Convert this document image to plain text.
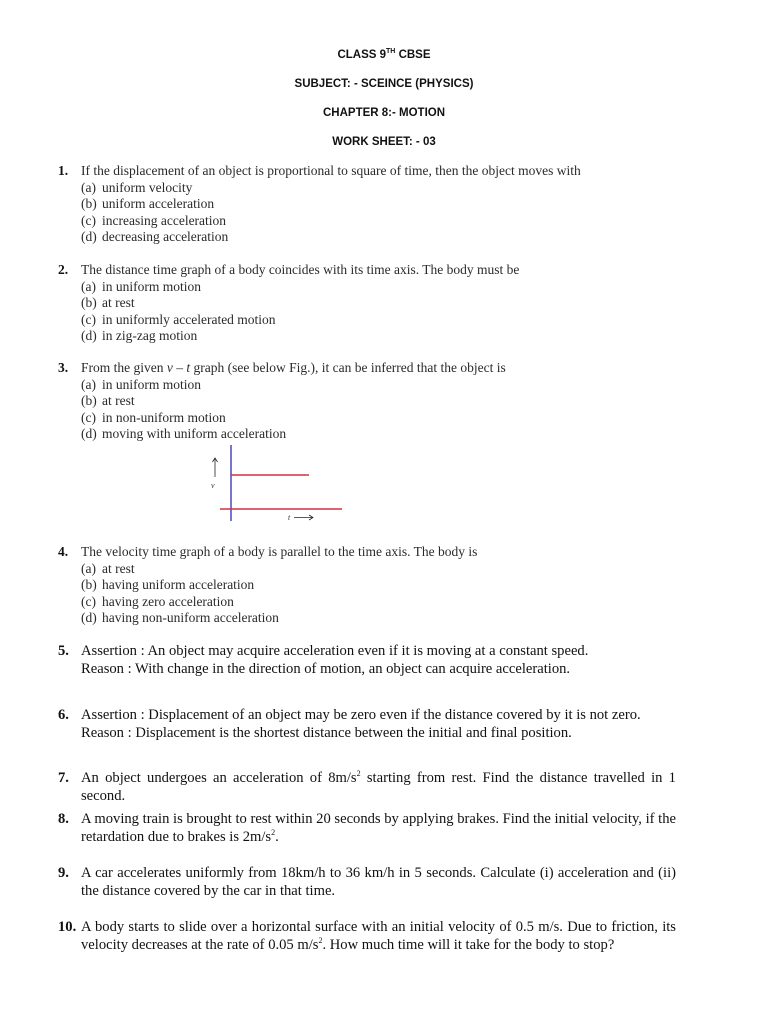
CLASS 9TH CBSE
SUBJECT: - SCEINCE (PHYSICS)
CHAPTER 8:- MOTION
WORK SHEET: - 03
1. If the displacement of an object is proportional to square of time, then the object moves with
(a) uniform velocity
(b) uniform acceleration
(c) increasing acceleration
(d) decreasing acceleration
2. The distance time graph of a body coincides with its time axis. The body must be
(a) in uniform motion
(b) at rest
(c) in uniformly accelerated motion
(d) in zig-zag motion
3. From the given v – t graph (see below Fig.), it can be inferred that the object is
(a) in uniform motion
(b) at rest
(c) in non-uniform motion
(d) moving with uniform acceleration
v
t
4. The velocity time graph of a body is parallel to the time axis. The body is
(a) at rest
(b) having uniform acceleration
(c) having zero acceleration
(d) having non-uniform acceleration
5. Assertion : An object may acquire acceleration even if it is moving at a constant speed.
Reason : With change in the direction of motion, an object can acquire acceleration.
6. Assertion : Displacement of an object may be zero even if the distance covered by it is not zero.
Reason : Displacement is the shortest distance between the initial and final position.
7. An object undergoes an acceleration of $8m/s^2$ starting from rest. Find the distance travelled in 1 second.
8. A moving train is brought to rest within 20 seconds by applying brakes. Find the initial velocity, if the retardation due to brakes is $2m/s^2$.
9. A car accelerates uniformly from 18km/h to 36 km/h in 5 seconds. Calculate (i) acceleration and (ii) the distance covered by the car in that time.
10. A body starts to slide over a horizontal surface with an initial velocity of 0.5 m/s. Due to friction, its velocity decreases at the rate of 0.05 $m/s^2$. How much time will it take for the body to stop?
